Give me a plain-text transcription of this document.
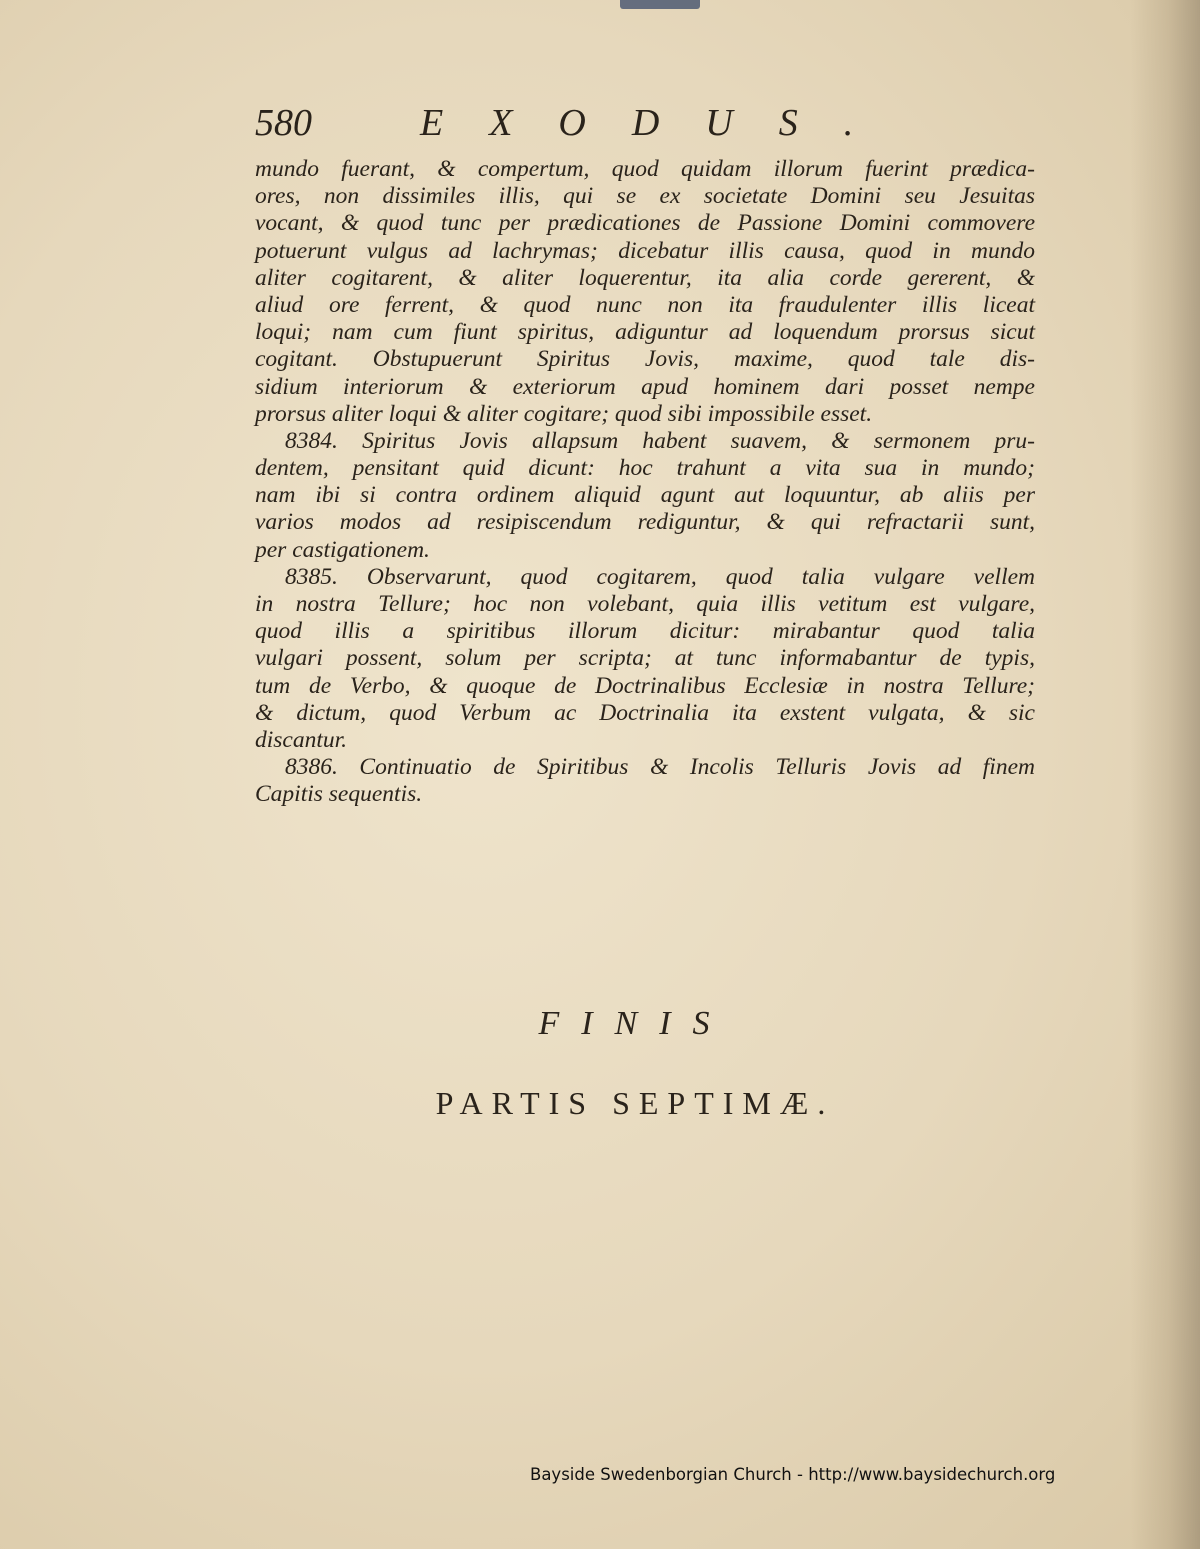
580	EXODUS.
mundo fuerant, & compertum, quod quidam illorum fuerint prædica-
ores, non dissimiles illis, qui se ex societate Domini seu Jesuitas
vocant, & quod tunc per prædicationes de Passione Domini commovere
potuerunt vulgus ad lachrymas; dicebatur illis causa, quod in mundo
aliter cogitarent, & aliter loquerentur, ita alia corde gererent, &
aliud ore ferrent, & quod nunc non ita fraudulenter illis liceat
loqui; nam cum fiunt spiritus, adiguntur ad loquendum prorsus sicut
cogitant. Obstupuerunt Spiritus Jovis, maxime, quod tale dis-
sidium interiorum & exteriorum apud hominem dari posset nempe
prorsus aliter loqui & aliter cogitare; quod sibi impossibile esset.
8384. Spiritus Jovis allapsum habent suavem, & sermonem pru-
dentem, pensitant quid dicunt: hoc trahunt a vita sua in mundo;
nam ibi si contra ordinem aliquid agunt aut loquuntur, ab aliis per
varios modos ad resipiscendum rediguntur, & qui refractarii sunt,
per castigationem.
8385. Observarunt, quod cogitarem, quod talia vulgare vellem
in nostra Tellure; hoc non volebant, quia illis vetitum est vulgare,
quod illis a spiritibus illorum dicitur: mirabantur quod talia
vulgari possent, solum per scripta; at tunc informabantur de typis,
tum de Verbo, & quoque de Doctrinalibus Ecclesiæ in nostra Tellure;
& dictum, quod Verbum ac Doctrinalia ita exstent vulgata, & sic
discantur.
8386. Continuatio de Spiritibus & Incolis Telluris Jovis ad finem
Capitis sequentis.
FINIS
PARTIS SEPTIMÆ.
Bayside Swedenborgian Church - http://www.baysidechurch.org
